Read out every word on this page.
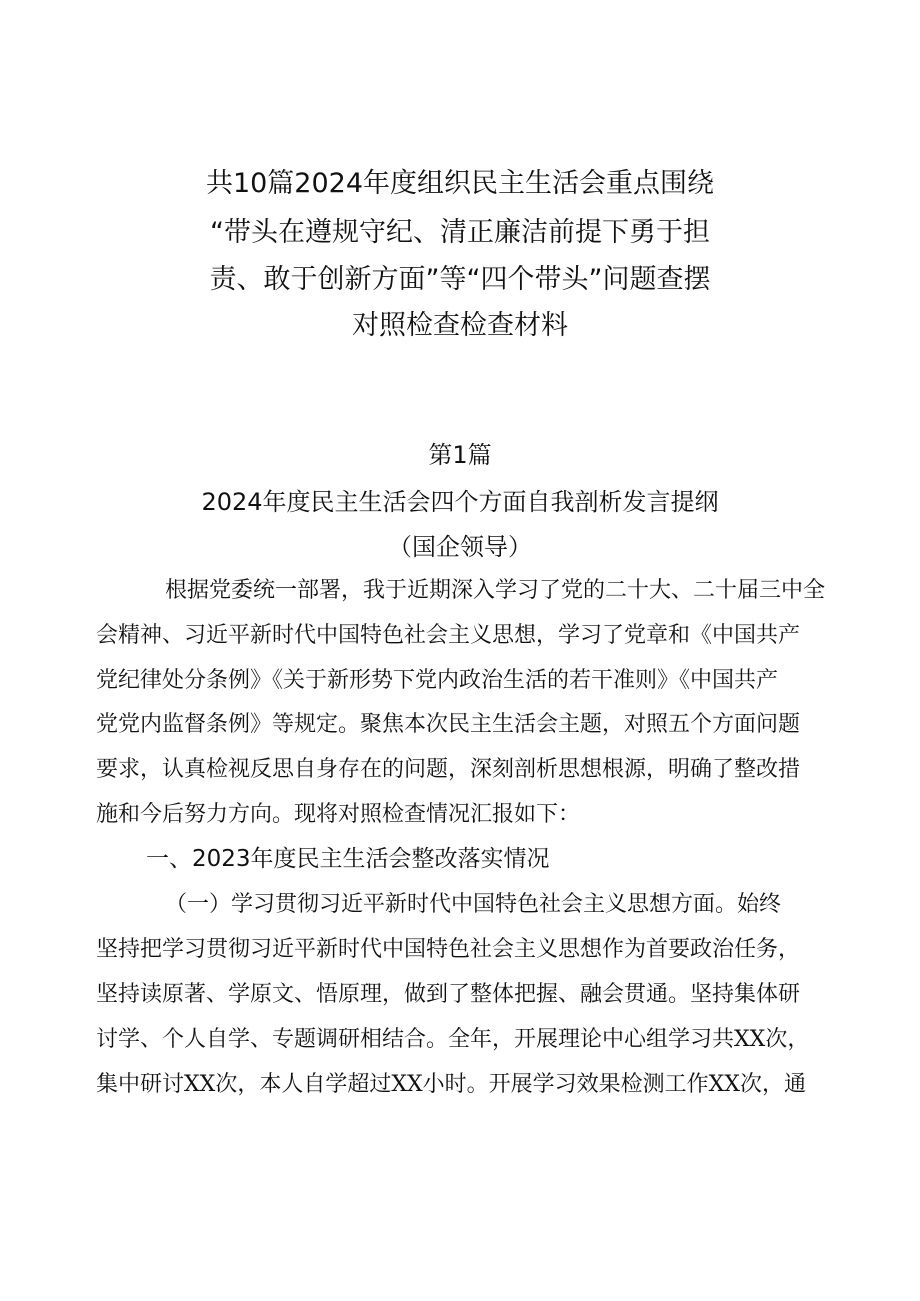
共10篇2024年度组织民主生活会重点围绕
“带头在遵规守纪、清正廉洁前提下勇于担
责、敢于创新方面”等“四个带头”问题查摆
对照检查检查材料
第1篇
2024年度民主生活会四个方面自我剖析发言提纲
（国企领导）
根据党委统一部署，我于近期深入学习了党的二十大、二十届三中全
会精神、习近平新时代中国特色社会主义思想，学习了党章和《中国共产
党纪律处分条例》《关于新形势下党内政治生活的若干准则》《中国共产
党党内监督条例》等规定。聚焦本次民主生活会主题，对照五个方面问题
要求，认真检视反思自身存在的问题，深刻剖析思想根源，明确了整改措
施和今后努力方向。现将对照检查情况汇报如下：
一、2023年度民主生活会整改落实情况
（一）学习贯彻习近平新时代中国特色社会主义思想方面。始终
坚持把学习贯彻习近平新时代中国特色社会主义思想作为首要政治任务，
坚持读原著、学原文、悟原理，做到了整体把握、融会贯通。坚持集体研
讨学、个人自学、专题调研相结合。全年，开展理论中心组学习共XX次，
集中研讨XX次，本人自学超过XX小时。开展学习效果检测工作XX次，通
